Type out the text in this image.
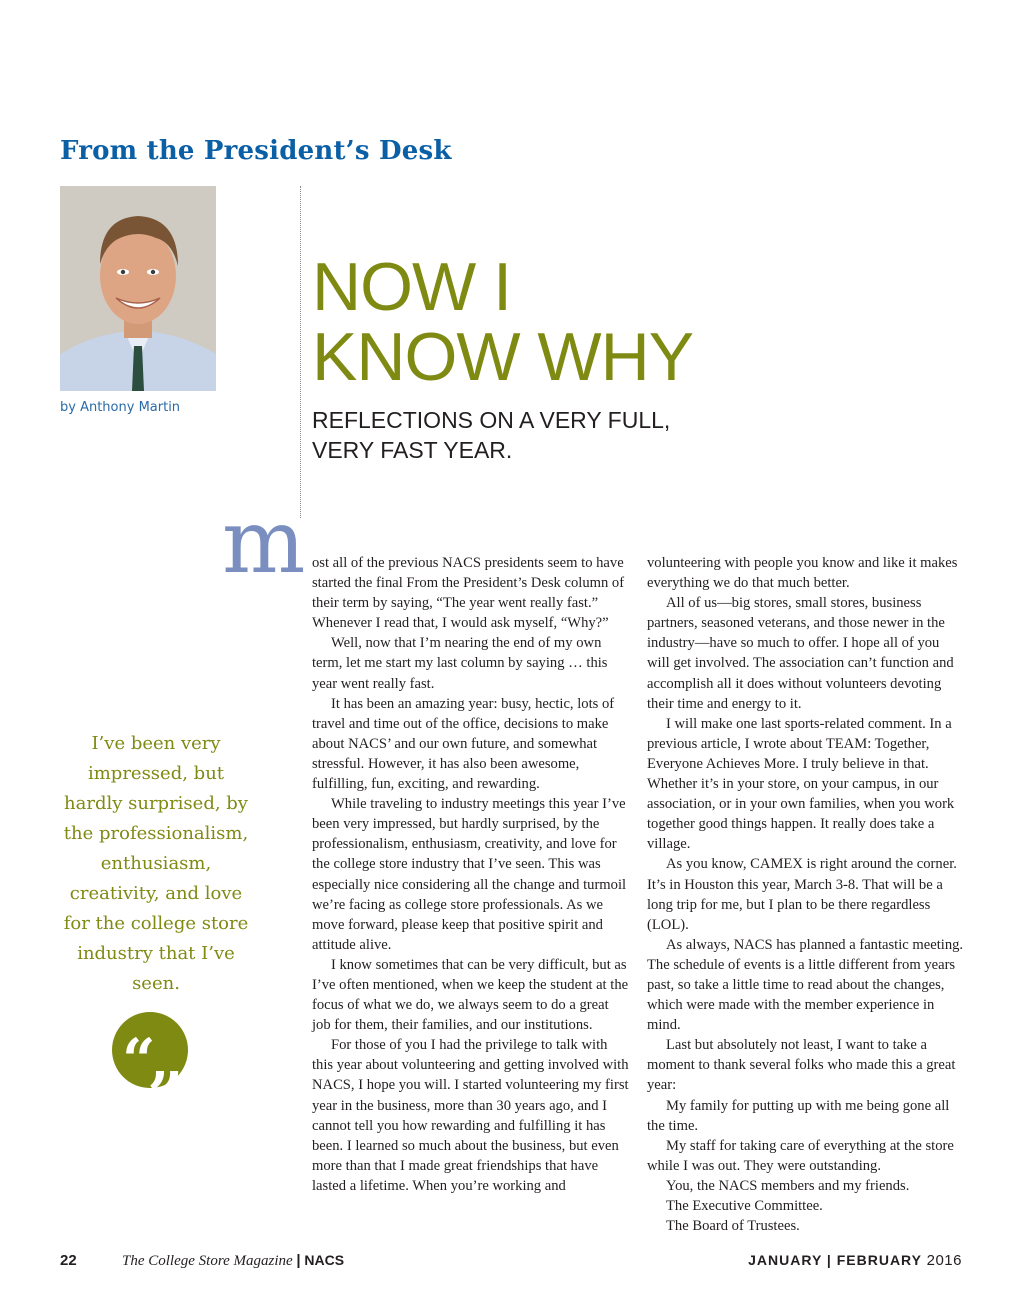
From the President’s Desk
by Anthony Martin
NOW I
KNOW WHY
REFLECTIONS ON A VERY FULL,
VERY FAST YEAR.
m ost all of the previous NACS presidents seem to have started the final From the President’s Desk column of their term by saying, “The year went really fast.” Whenever I read that, I would ask myself, “Why?”

Well, now that I’m nearing the end of my own term, let me start my last column by saying … this year went really fast.

It has been an amazing year: busy, hectic, lots of travel and time out of the office, decisions to make about NACS’ and our own future, and somewhat stressful. However, it has also been awesome, fulfilling, fun, exciting, and rewarding.

While traveling to industry meetings this year I’ve been very impressed, but hardly surprised, by the professionalism, enthusiasm, creativity, and love for the college store industry that I’ve seen. This was especially nice considering all the change and turmoil we’re facing as college store professionals. As we move forward, please keep that positive spirit and attitude alive.

I know sometimes that can be very difficult, but as I’ve often mentioned, when we keep the student at the focus of what we do, we always seem to do a great job for them, their families, and our institutions.

For those of you I had the privilege to talk with this year about volunteering and getting involved with NACS, I hope you will. I started volunteering my first year in the business, more than 30 years ago, and I cannot tell you how rewarding and fulfilling it has been. I learned so much about the business, but even more than that I made great friendships that have lasted a lifetime. When you’re working and

volunteering with people you know and like it makes everything we do that much better.

All of us—big stores, small stores, business partners, seasoned veterans, and those newer in the industry—have so much to offer. I hope all of you will get involved. The association can’t function and accomplish all it does without volunteers devoting their time and energy to it.

I will make one last sports-related comment. In a previous article, I wrote about TEAM: Together, Everyone Achieves More. I truly believe in that. Whether it’s in your store, on your campus, in our association, or in your own families, when you work together good things happen. It really does take a village.

As you know, CAMEX is right around the corner. It’s in Houston this year, March 3-8. That will be a long trip for me, but I plan to be there regardless (LOL).

As always, NACS has planned a fantastic meeting. The schedule of events is a little different from years past, so take a little time to read about the changes, which were made with the member experience in mind.

Last but absolutely not least, I want to take a moment to thank several folks who made this a great year:

My family for putting up with me being gone all the time.

My staff for taking care of everything at the store while I was out. They were outstanding.

You, the NACS members and my friends.

The Executive Committee.

The Board of Trustees.

I’ve been very impressed, but hardly surprised, by the professionalism, enthusiasm, creativity, and love for the college store industry that I’ve seen.
“,,
22	The College Store Magazine | NACS	JANUARY | FEBRUARY 2016
